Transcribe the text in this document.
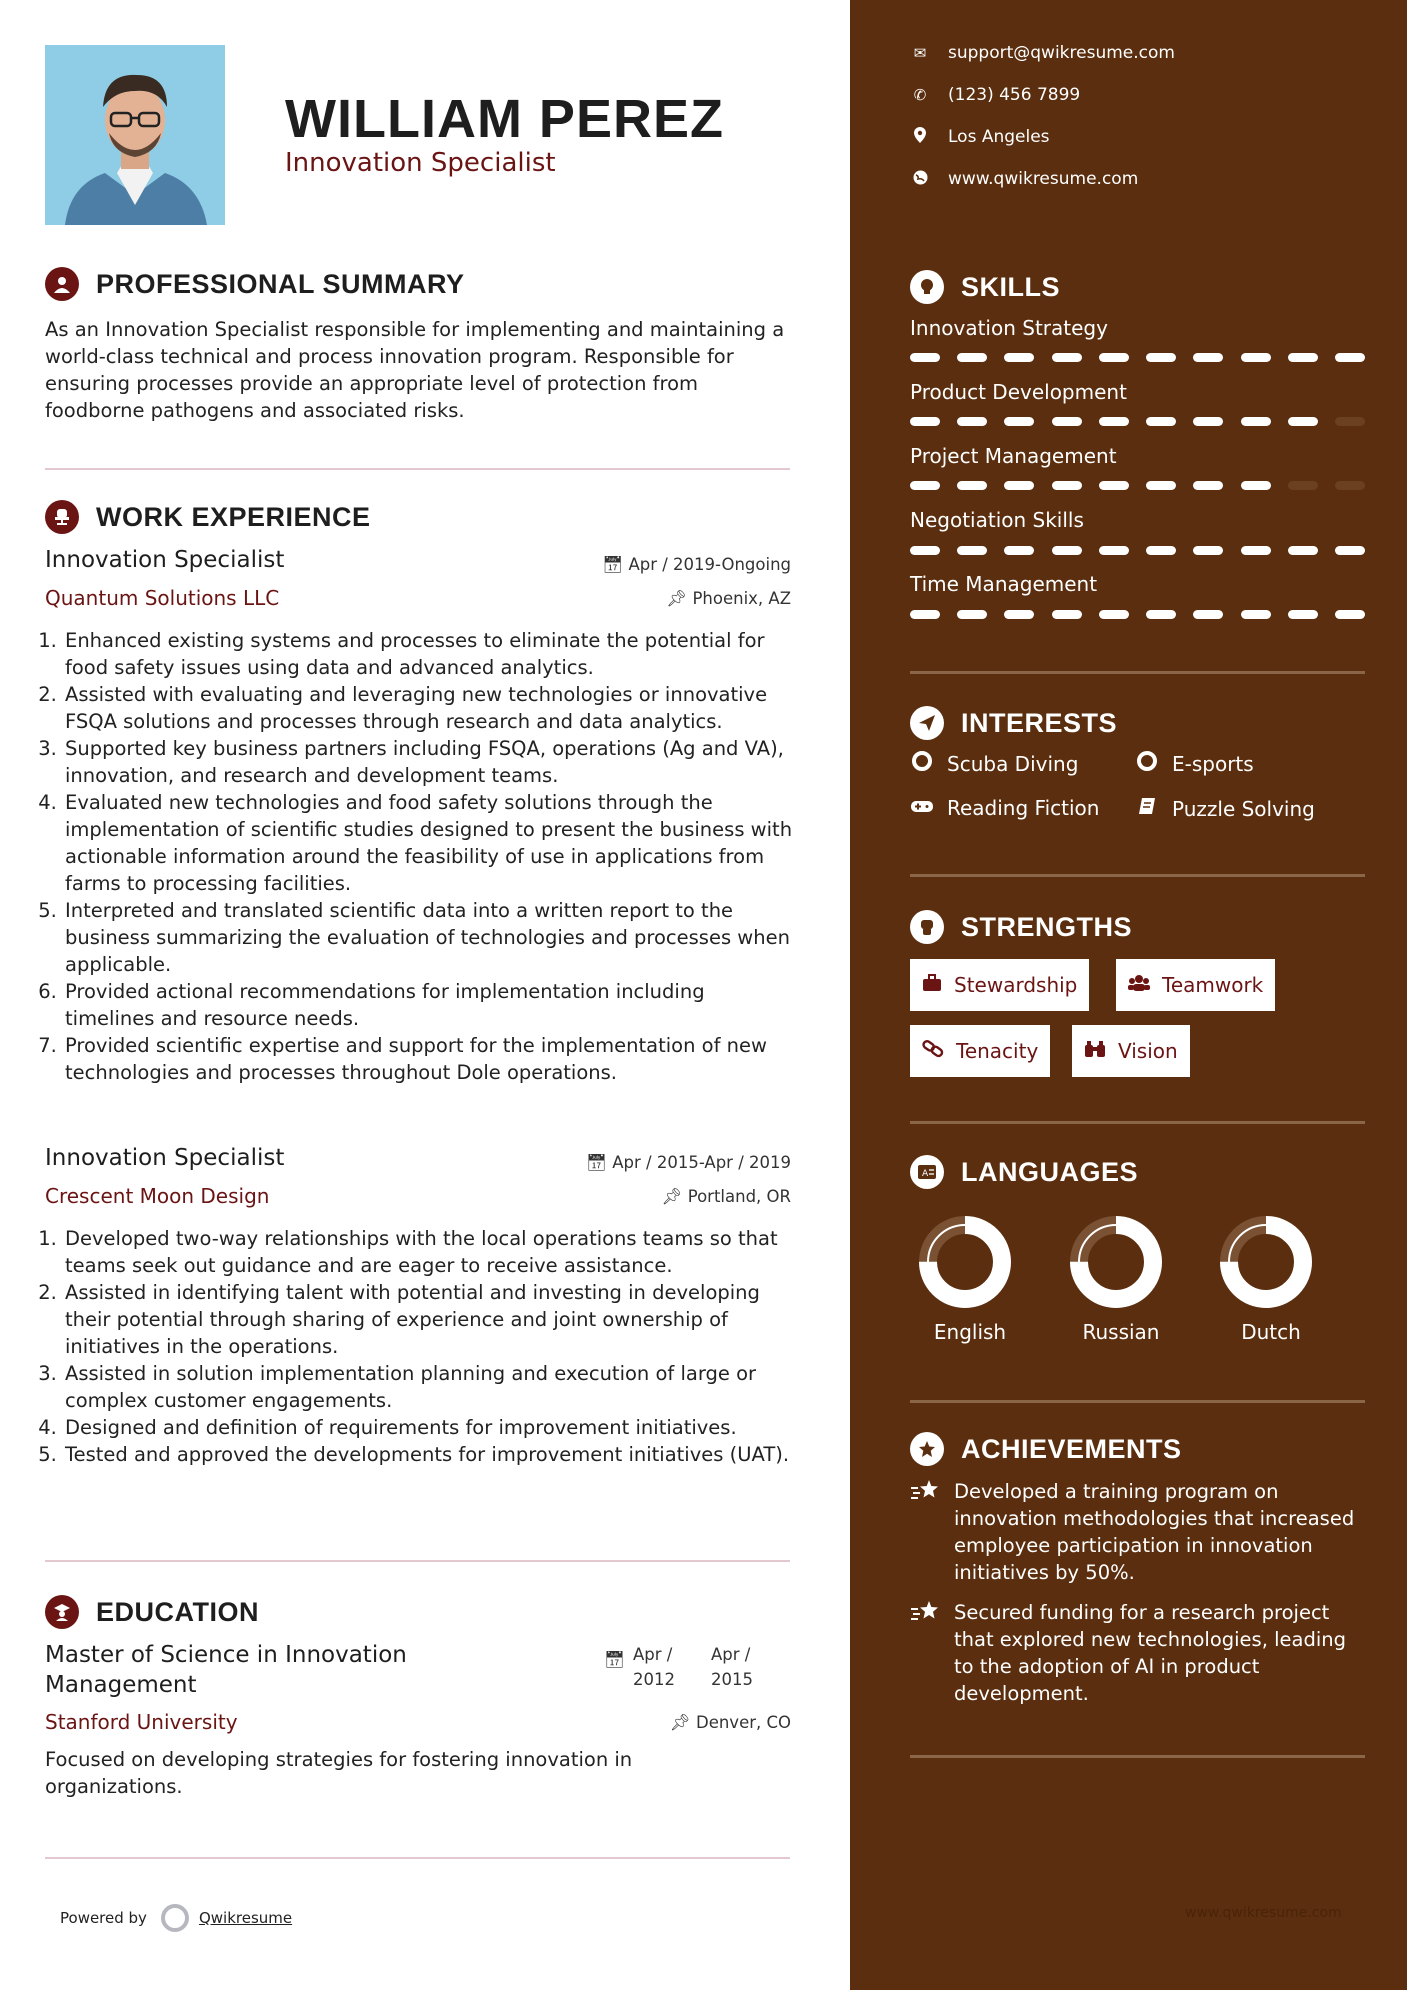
WILLIAM PEREZ
Innovation Specialist
PROFESSIONAL SUMMARY
As an Innovation Specialist responsible for implementing and maintaining a world-class technical and process innovation program. Responsible for ensuring processes provide an appropriate level of protection from foodborne pathogens and associated risks.
WORK EXPERIENCE
Innovation Specialist	📅︎ Apr / 2019-Ongoing
Quantum Solutions LLC	📌︎ Phoenix, AZ
1. Enhanced existing systems and processes to eliminate the potential for food safety issues using data and advanced analytics.
2. Assisted with evaluating and leveraging new technologies or innovative FSQA solutions and processes through research and data analytics.
3. Supported key business partners including FSQA, operations (Ag and VA), innovation, and research and development teams.
4. Evaluated new technologies and food safety solutions through the implementation of scientific studies designed to present the business with actionable information around the feasibility of use in applications from farms to processing facilities.
5. Interpreted and translated scientific data into a written report to the business summarizing the evaluation of technologies and processes when applicable.
6. Provided actional recommendations for implementation including timelines and resource needs.
7. Provided scientific expertise and support for the implementation of new technologies and processes throughout Dole operations.
Innovation Specialist	📅︎ Apr / 2015-Apr / 2019
Crescent Moon Design	📌︎ Portland, OR
1. Developed two-way relationships with the local operations teams so that teams seek out guidance and are eager to receive assistance.
2. Assisted in identifying talent with potential and investing in developing their potential through sharing of experience and joint ownership of initiatives in the operations.
3. Assisted in solution implementation planning and execution of large or complex customer engagements.
4. Designed and definition of requirements for improvement initiatives.
5. Tested and approved the developments for improvement initiatives (UAT).
EDUCATION
Master of Science in Innovation Management
📅︎ Apr / 2012
Apr / 2015
Stanford University	📌︎ Denver, CO
Focused on developing strategies for fostering innovation in organizations.
Powered by	Qwikresume
✉ support@qwikresume.com
✆ (123) 456 7899
Los Angeles
www.qwikresume.com
SKILLS
Innovation Strategy
Product Development
Project Management
Negotiation Skills
Time Management
INTERESTS
Scuba Diving	E-sports
Reading Fiction	Puzzle Solving
STRENGTHS
Stewardship	Teamwork
Tenacity	Vision
A LANGUAGES
English	Russian	Dutch
ACHIEVEMENTS
Developed a training program on innovation methodologies that increased employee participation in innovation initiatives by 50%.
Secured funding for a research project that explored new technologies, leading to the adoption of AI in product development.
www.qwikresume.com
